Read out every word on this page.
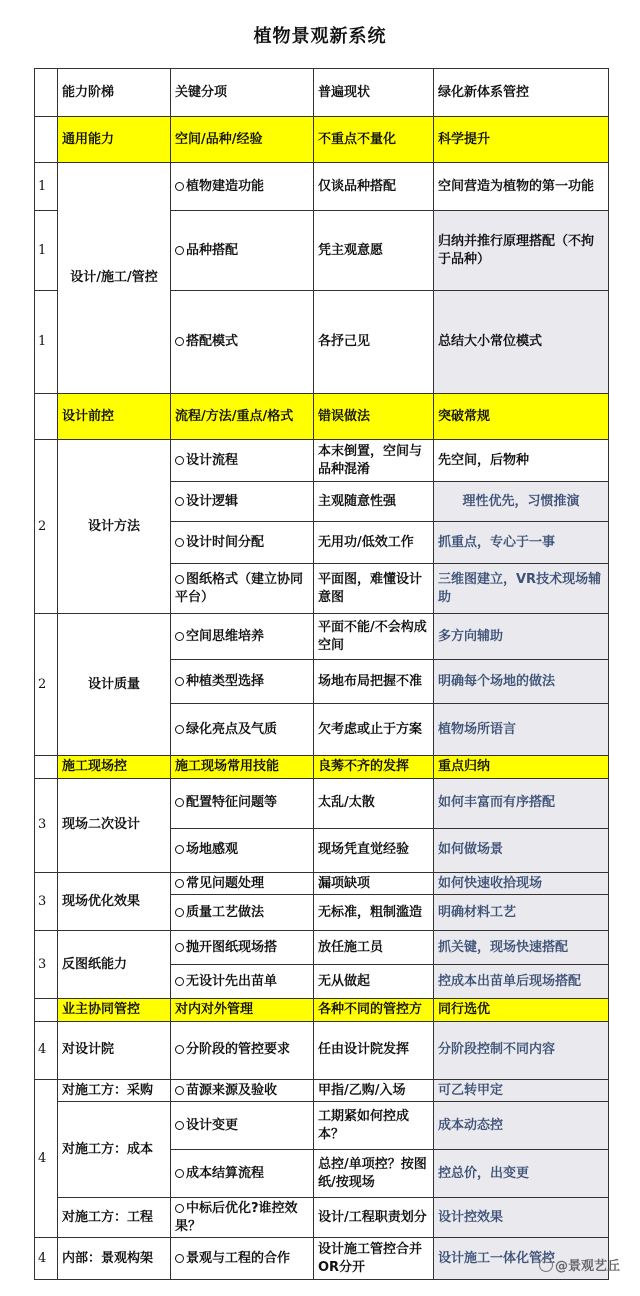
植物景观新系统
	能力阶梯	关键分项	普遍现状	绿化新体系管控
	通用能力	空间/品种/经验	不重点不量化	科学提升
1	设计/施工/管控	植物建造功能	仅谈品种搭配	空间营造为植物的第一功能
1		品种搭配	凭主观意愿	归纳并推行原理搭配（不拘于品种）
1		搭配模式	各抒己见	总结大小常位模式
	设计前控	流程/方法/重点/格式	错误做法	突破常规
2	设计方法	设计流程	本末倒置，空间与品种混淆	先空间，后物种
		设计逻辑	主观随意性强	理性优先，习惯推演
		设计时间分配	无用功/低效工作	抓重点，专心于一事
		图纸格式（建立协同平台）	平面图，难懂设计意图	三维图建立，VR技术现场辅助
2	设计质量	空间思维培养	平面不能/不会构成空间	多方向辅助
		种植类型选择	场地布局把握不准	明确每个场地的做法
		绿化亮点及气质	欠考虑或止于方案	植物场所语言
	施工现场控	施工现场常用技能	良莠不齐的发挥	重点归纳
3	现场二次设计	配置特征问题等	太乱/太散	如何丰富而有序搭配
		场地感观	现场凭直觉经验	如何做场景
3	现场优化效果	常见问题处理	漏项缺项	如何快速收拾现场
		质量工艺做法	无标准，粗制滥造	明确材料工艺
3	反图纸能力	抛开图纸现场搭	放任施工员	抓关键，现场快速搭配
		无设计先出苗单	无从做起	控成本出苗单后现场搭配
	业主协同管控	对内对外管理	各种不同的管控方	同行选优
4	对设计院	分阶段的管控要求	任由设计院发挥	分阶段控制不同内容
4	对施工方：采购	苗源来源及验收	甲指/乙购/入场	可乙转甲定
	对施工方：成本	设计变更	工期紧如何控成本？	成本动态控
		成本结算流程	总控/单项控？按图纸/按现场	控总价，出变更
	对施工方：工程	中标后优化?谁控效果？	设计/工程职责划分	设计控效果
4	内部：景观构架	景观与工程的合作	设计施工管控合并OR分开	设计施工一体化管控
@景观艺丘
